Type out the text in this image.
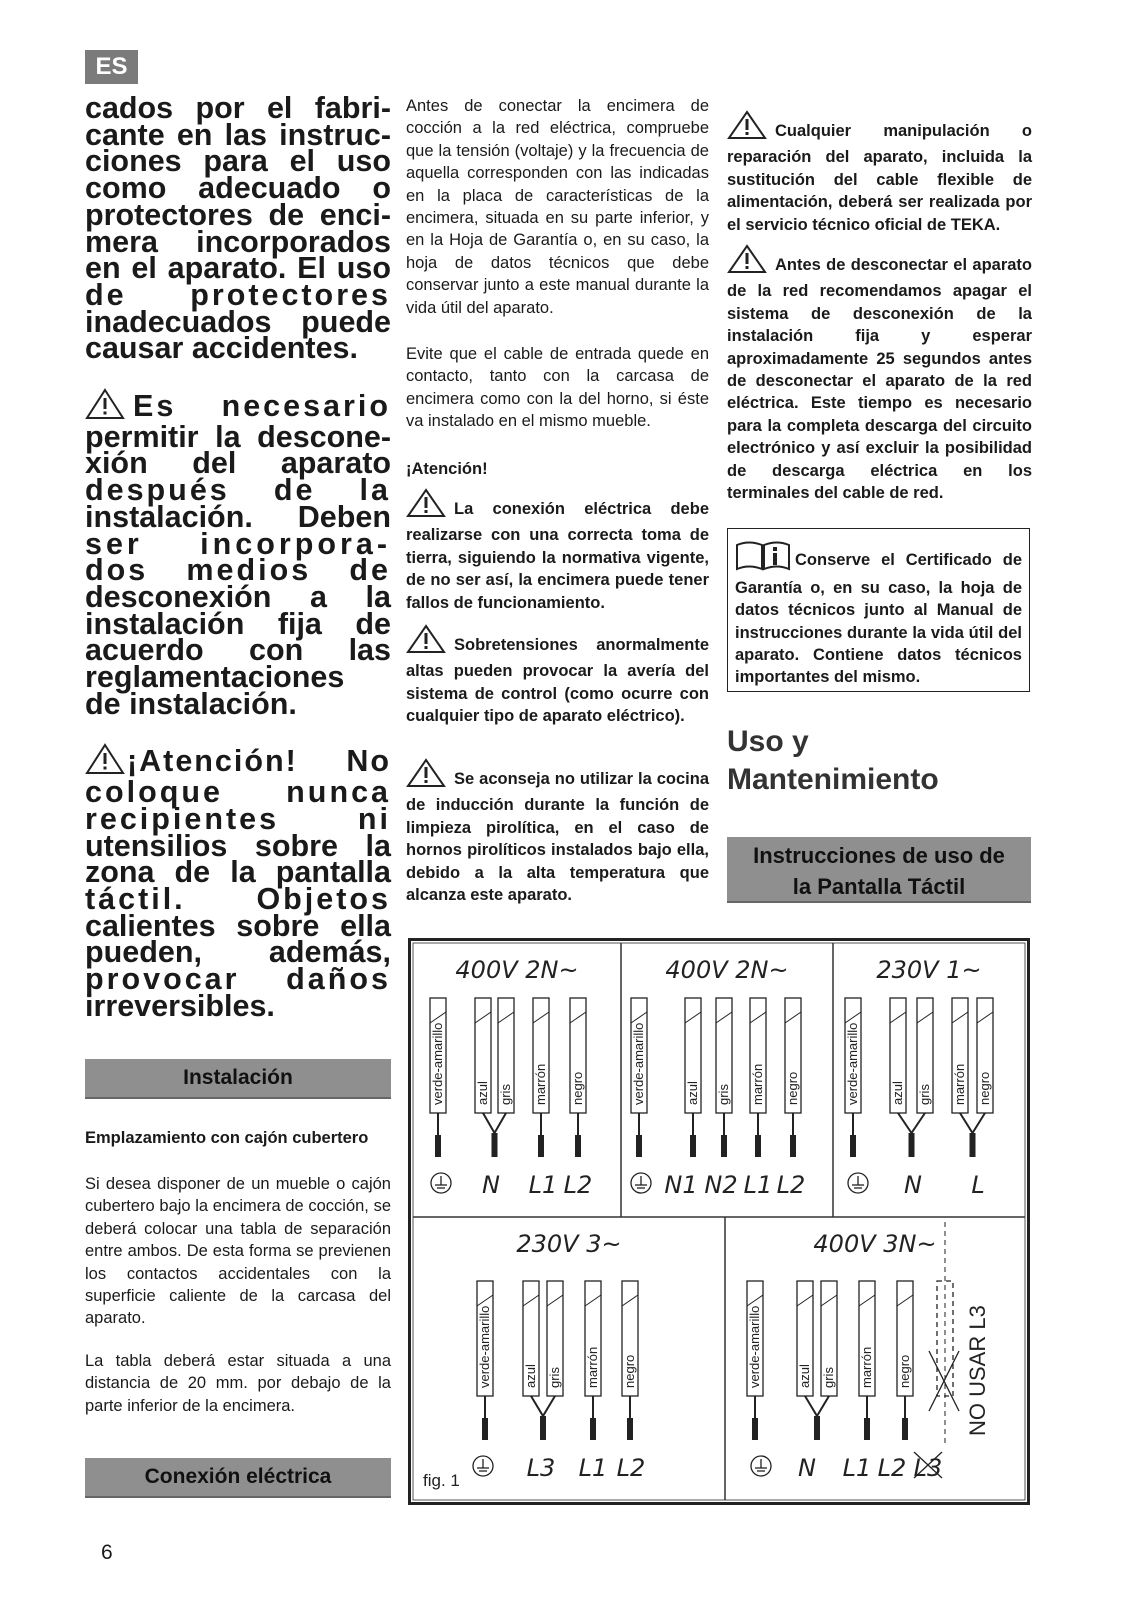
ES

cados por el fabri-

cante en las instruc-

ciones para el uso

como adecuado o

protectores de enci-

mera incorporados

en el aparato. El uso

de protectores

inadecuados puede

causar accidentes.

Es necesario

permitir la descone-

xión del aparato

después de la

instalación. Deben

ser incorpora-

dos medios de

desconexión a la

instalación fija de

acuerdo con las

reglamentaciones

de instalación.

¡Atención! No

coloque nunca

recipientes ni

utensilios sobre la

zona de la pantalla

táctil. Objetos

calientes sobre ella

pueden, además,

provocar daños

irreversibles.

Instalación
Emplazamiento con cajón cubertero

Si desea disponer de un mueble o cajón cubertero bajo la encimera de cocción, se deberá colocar una tabla de separación entre ambos. De esta forma se previenen los contactos accidentales con la superficie caliente de la carcasa del aparato.

La tabla deberá estar situada a una distancia de 20 mm. por debajo de la parte inferior de la encimera.

Conexión eléctrica

Antes de conectar la encimera de cocción a la red eléctrica, compruebe que la tensión (voltaje) y la frecuencia de aquella corresponden con las indicadas en la placa de características de la encimera, situada en su parte inferior, y en la Hoja de Garantía o, en su caso, la hoja de datos técnicos que debe conservar junto a este manual durante la vida útil del aparato.

Evite que el cable de entrada quede en contacto, tanto con la carcasa de encimera como con la del horno, si éste va instalado en el mismo mueble.

¡Atención!

La conexión eléctrica debe realizarse con una correcta toma de tierra, siguiendo la normativa vigente, de no ser así, la encimera puede tener fallos de funcionamiento.

Sobretensiones anormalmente altas pueden provocar la avería del sistema de control (como ocurre con cualquier tipo de aparato eléctrico).

Se aconseja no utilizar la cocina de inducción durante la función de limpieza pirolítica, en el caso de hornos pirolíticos instalados bajo ella, debido a la alta temperatura que alcanza este aparato.

Cualquier manipulación o reparación del aparato, incluida la sustitución del cable flexible de alimentación, deberá ser realizada por el servicio técnico oficial de TEKA.

Antes de desconectar el aparato de la red recomendamos apagar el sistema de desconexión de la instalación fija y esperar aproximadamente 25 segundos antes de desconectar el aparato de la red eléctrica. Este tiempo es necesario para la completa descarga del circuito electrónico y así excluir la posibilidad de descarga eléctrica en los terminales del cable de red.

Conserve el Certificado de Garantía o, en su caso, la hoja de datos técnicos junto al Manual de instrucciones durante la vida útil del aparato. Contiene datos técnicos importantes del mismo.

Uso y
Mantenimiento
Instrucciones de uso de
la Pantalla Táctil
6
400V 2N~
verde-amarillo azul gris marrón negro
N L1 L2
400V 2N~
verde-amarillo	azul gris marrón negro
N1 N2 L1 L2
230V 1~
verde-amarillo azul gris marrón negro
N L
230V 3~
verde-amarillo azul gris marrón negro
L3 L1 L2
400V 3N~
verde-amarillo	azul gris marrón negro
N L1 L2 L3
NO USAR L3
fig. 1
